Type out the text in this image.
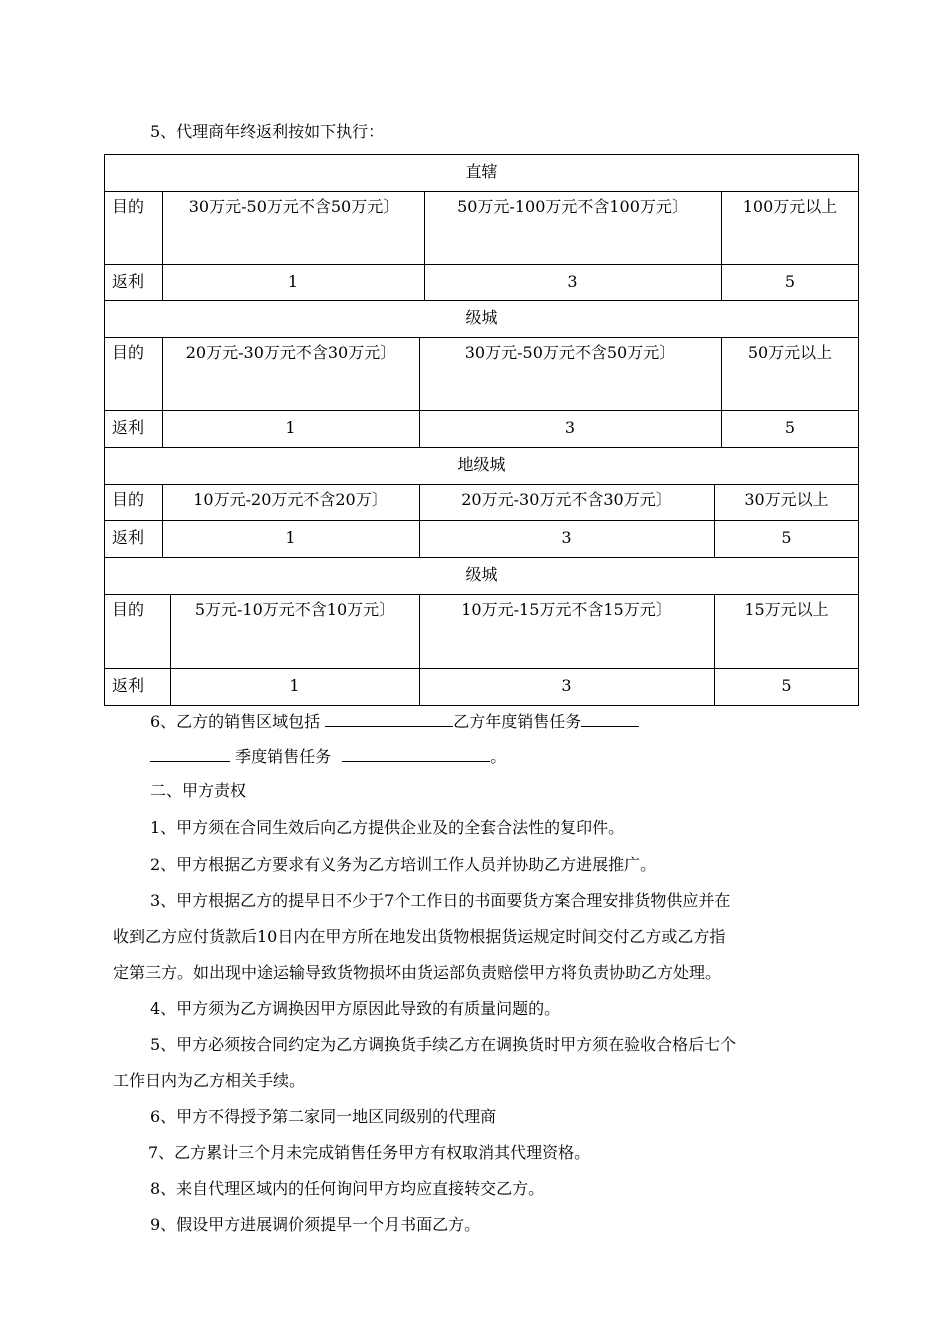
5、代理商年终返利按如下执行：
直辖
目的	30万元-50万元不含50万元〕	50万元-100万元不含100万元〕	100万元以上
返利	1	3	5
级城
目的	20万元-30万元不含30万元〕	30万元-50万元不含50万元〕	50万元以上
返利	1	3	5
地级城
目的	10万元-20万元不含20万〕	20万元-30万元不含30万元〕	30万元以上
返利	1	3	5
级城
目的	5万元-10万元不含10万元〕	10万元-15万元不含15万元〕	15万元以上
返利	1	3	5
6、乙方的销售区域包括	乙方年度销售任务
季度销售任务	。
二、甲方责权
1、甲方须在合同生效后向乙方提供企业及的全套合法性的复印件。
2、甲方根据乙方要求有义务为乙方培训工作人员并协助乙方进展推广。
3、甲方根据乙方的提早日不少于7个工作日的书面要货方案合理安排货物供应并在
收到乙方应付货款后10日内在甲方所在地发出货物根据货运规定时间交付乙方或乙方指
定第三方。如出现中途运输导致货物损坏由货运部负责赔偿甲方将负责协助乙方处理。
4、甲方须为乙方调换因甲方原因此导致的有质量问题的。
5、甲方必须按合同约定为乙方调换货手续乙方在调换货时甲方须在验收合格后七个
工作日内为乙方相关手续。
6、甲方不得授予第二家同一地区同级别的代理商
7、乙方累计三个月未完成销售任务甲方有权取消其代理资格。
8、来自代理区域内的任何询问甲方均应直接转交乙方。
9、假设甲方进展调价须提早一个月书面乙方。
